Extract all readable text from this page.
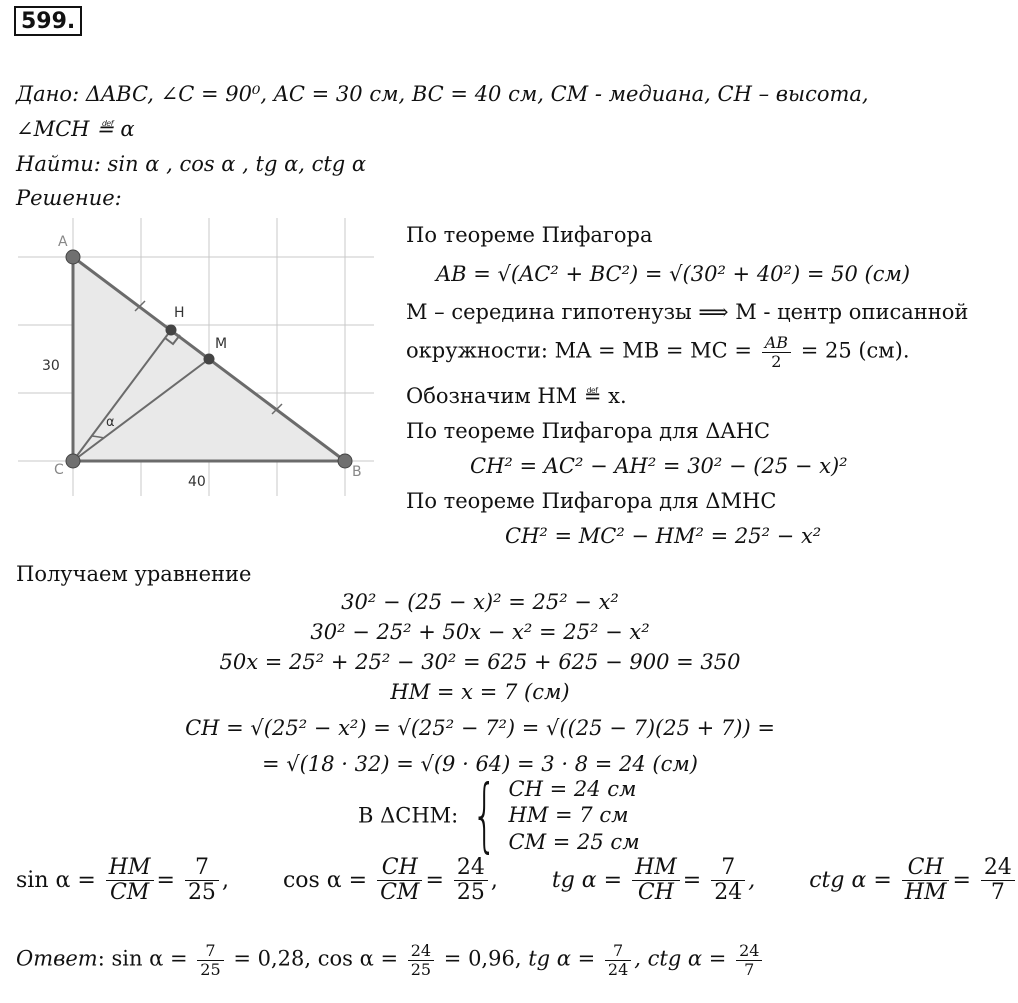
599.
Дано: ΔABC, ∠C = 90⁰, AC = 30 см, BC = 40 см, CM - медиана, CH – высота,
∠MCH ≝ α
Найти: sin α , cos α , tg α, ctg α
Решение:
A
B
C
H
M
α
30
40
По теореме Пифагора
AB = √(AC² + BC²) = √(30² + 40²) = 50 (см)
M – середина гипотенузы ⟹ M - центр описанной
окружности: MA = MB = MC = $\frac{AB}{2} = 25$ (см).
Обозначим HM ≝ x.
По теореме Пифагора для ΔAHC
CH² = AC² − AH² = 30² − (25 − x)²
По теореме Пифагора для ΔMHC
CH² = MC² − HM² = 25² − x²
Получаем уравнение
30² − (25 − x)² = 25² − x²
30² − 25² + 50x − x² = 25² − x²
50x = 25² + 25² − 30² = 625 + 625 − 900 = 350
HM = x = 7 (см)
CH = √(25² − x²) = √(25² − 7²) = √((25 − 7)(25 + 7)) =
= √(18 · 32) = √(9 · 64) = 3 · 8 = 24 (см)
В ΔCHM: { CH = 24 см
HM = 7 см
CM = 25 см
$\sin \alpha = \frac{HM}{CM} = \frac{7}{25}$ , $\cos \alpha = \frac{CH}{CM} = \frac{24}{25}$ , tg $\alpha = \frac{HM}{CH} = \frac{7}{24}$ , ctg $\alpha = \frac{CH}{HM} = \frac{24}{7}$
Ответ: $\sin \alpha = \frac{7}{25} = 0,28$, $\cos \alpha = \frac{24}{25} = 0,96$, tg $\alpha = \frac{7}{24}$ , ctg $\alpha = \frac{24}{7}$
